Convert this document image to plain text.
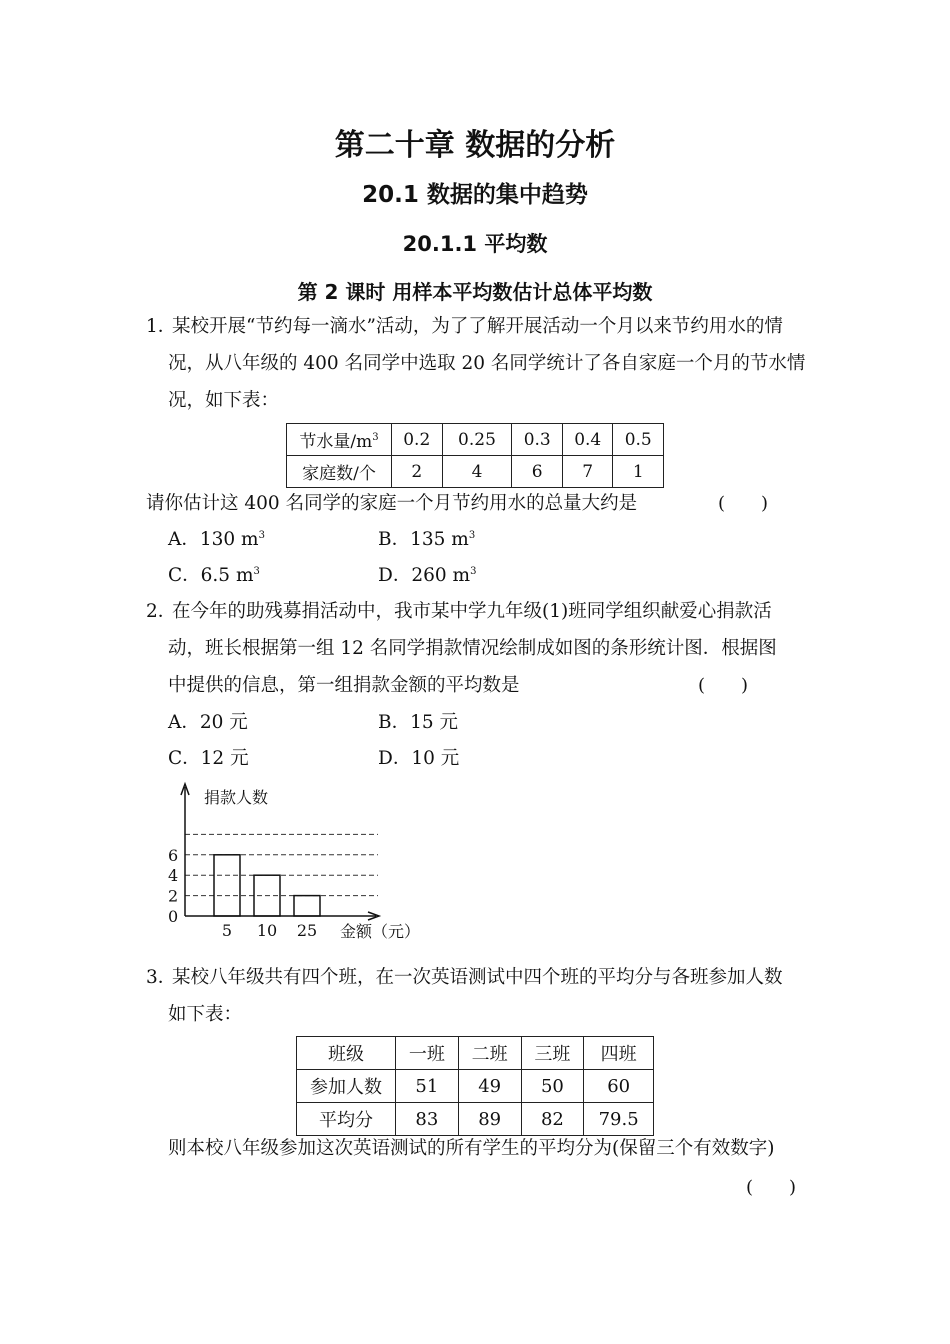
第二十章 数据的分析
20.1 数据的集中趋势
20.1.1 平均数
第 2 课时 用样本平均数估计总体平均数
1．
某校开展“节约每一滴水”活动，为了了解开展活动一个月以来节约用水的情
况，从八年级的 400 名同学中选取 20 名同学统计了各自家庭一个月的节水情
况，如下表：
节水量$/m^3$	0.2	0.25	0.3	0.4	0.5
家庭数/个	2	4	6	7	1
请你估计这 400 名同学的家庭一个月节约用水的总量大约是	(　　)
A．130 $m^3$	B．135 $m^3$
C．6.5 $m^3$	D．260 $m^3$
2．
在今年的助残募捐活动中，我市某中学九年级(1)班同学组织献爱心捐款活
动，班长根据第一组 12 名同学捐款情况绘制成如图的条形统计图．根据图
中提供的信息，第一组捐款金额的平均数是	(　　)
A．20 元	B．15 元
C．12 元	D．10 元
捐款人数
金额（元）
0
2
4
6
5 10 25
3．
某校八年级共有四个班，在一次英语测试中四个班的平均分与各班参加人数
如下表：
班级	一班	二班	三班	四班
参加人数	51	49	50	60
平均分	83	89	82	79.5
则本校八年级参加这次英语测试的所有学生的平均分为(保留三个有效数字)
(　　)
